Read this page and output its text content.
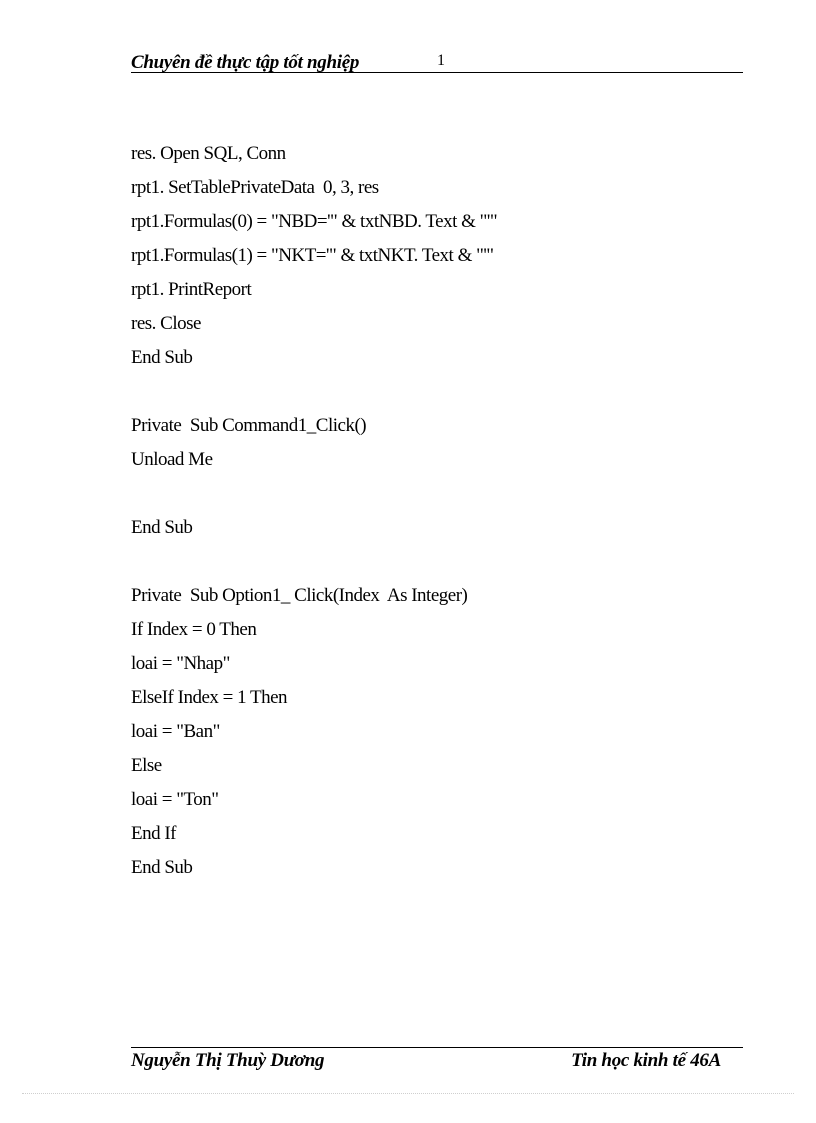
Chuyên đề thực tập tốt nghiệp	1
res. Open SQL, Conn
rpt1. SetTablePrivateData  0, 3, res
rpt1.Formulas(0) = "NBD='" & txtNBD. Text & "'"
rpt1.Formulas(1) = "NKT='" & txtNKT. Text & "'"
rpt1. PrintReport
res. Close
End Sub
Private  Sub Command1_Click()
Unload Me
End Sub
Private  Sub Option1_ Click(Index  As Integer)
If Index = 0 Then
loai = "Nhap"
ElseIf Index = 1 Then
loai = "Ban"
Else
loai = "Ton"
End If
End Sub
Nguyễn Thị Thuỳ Dương	Tin học kinh tế 46A
